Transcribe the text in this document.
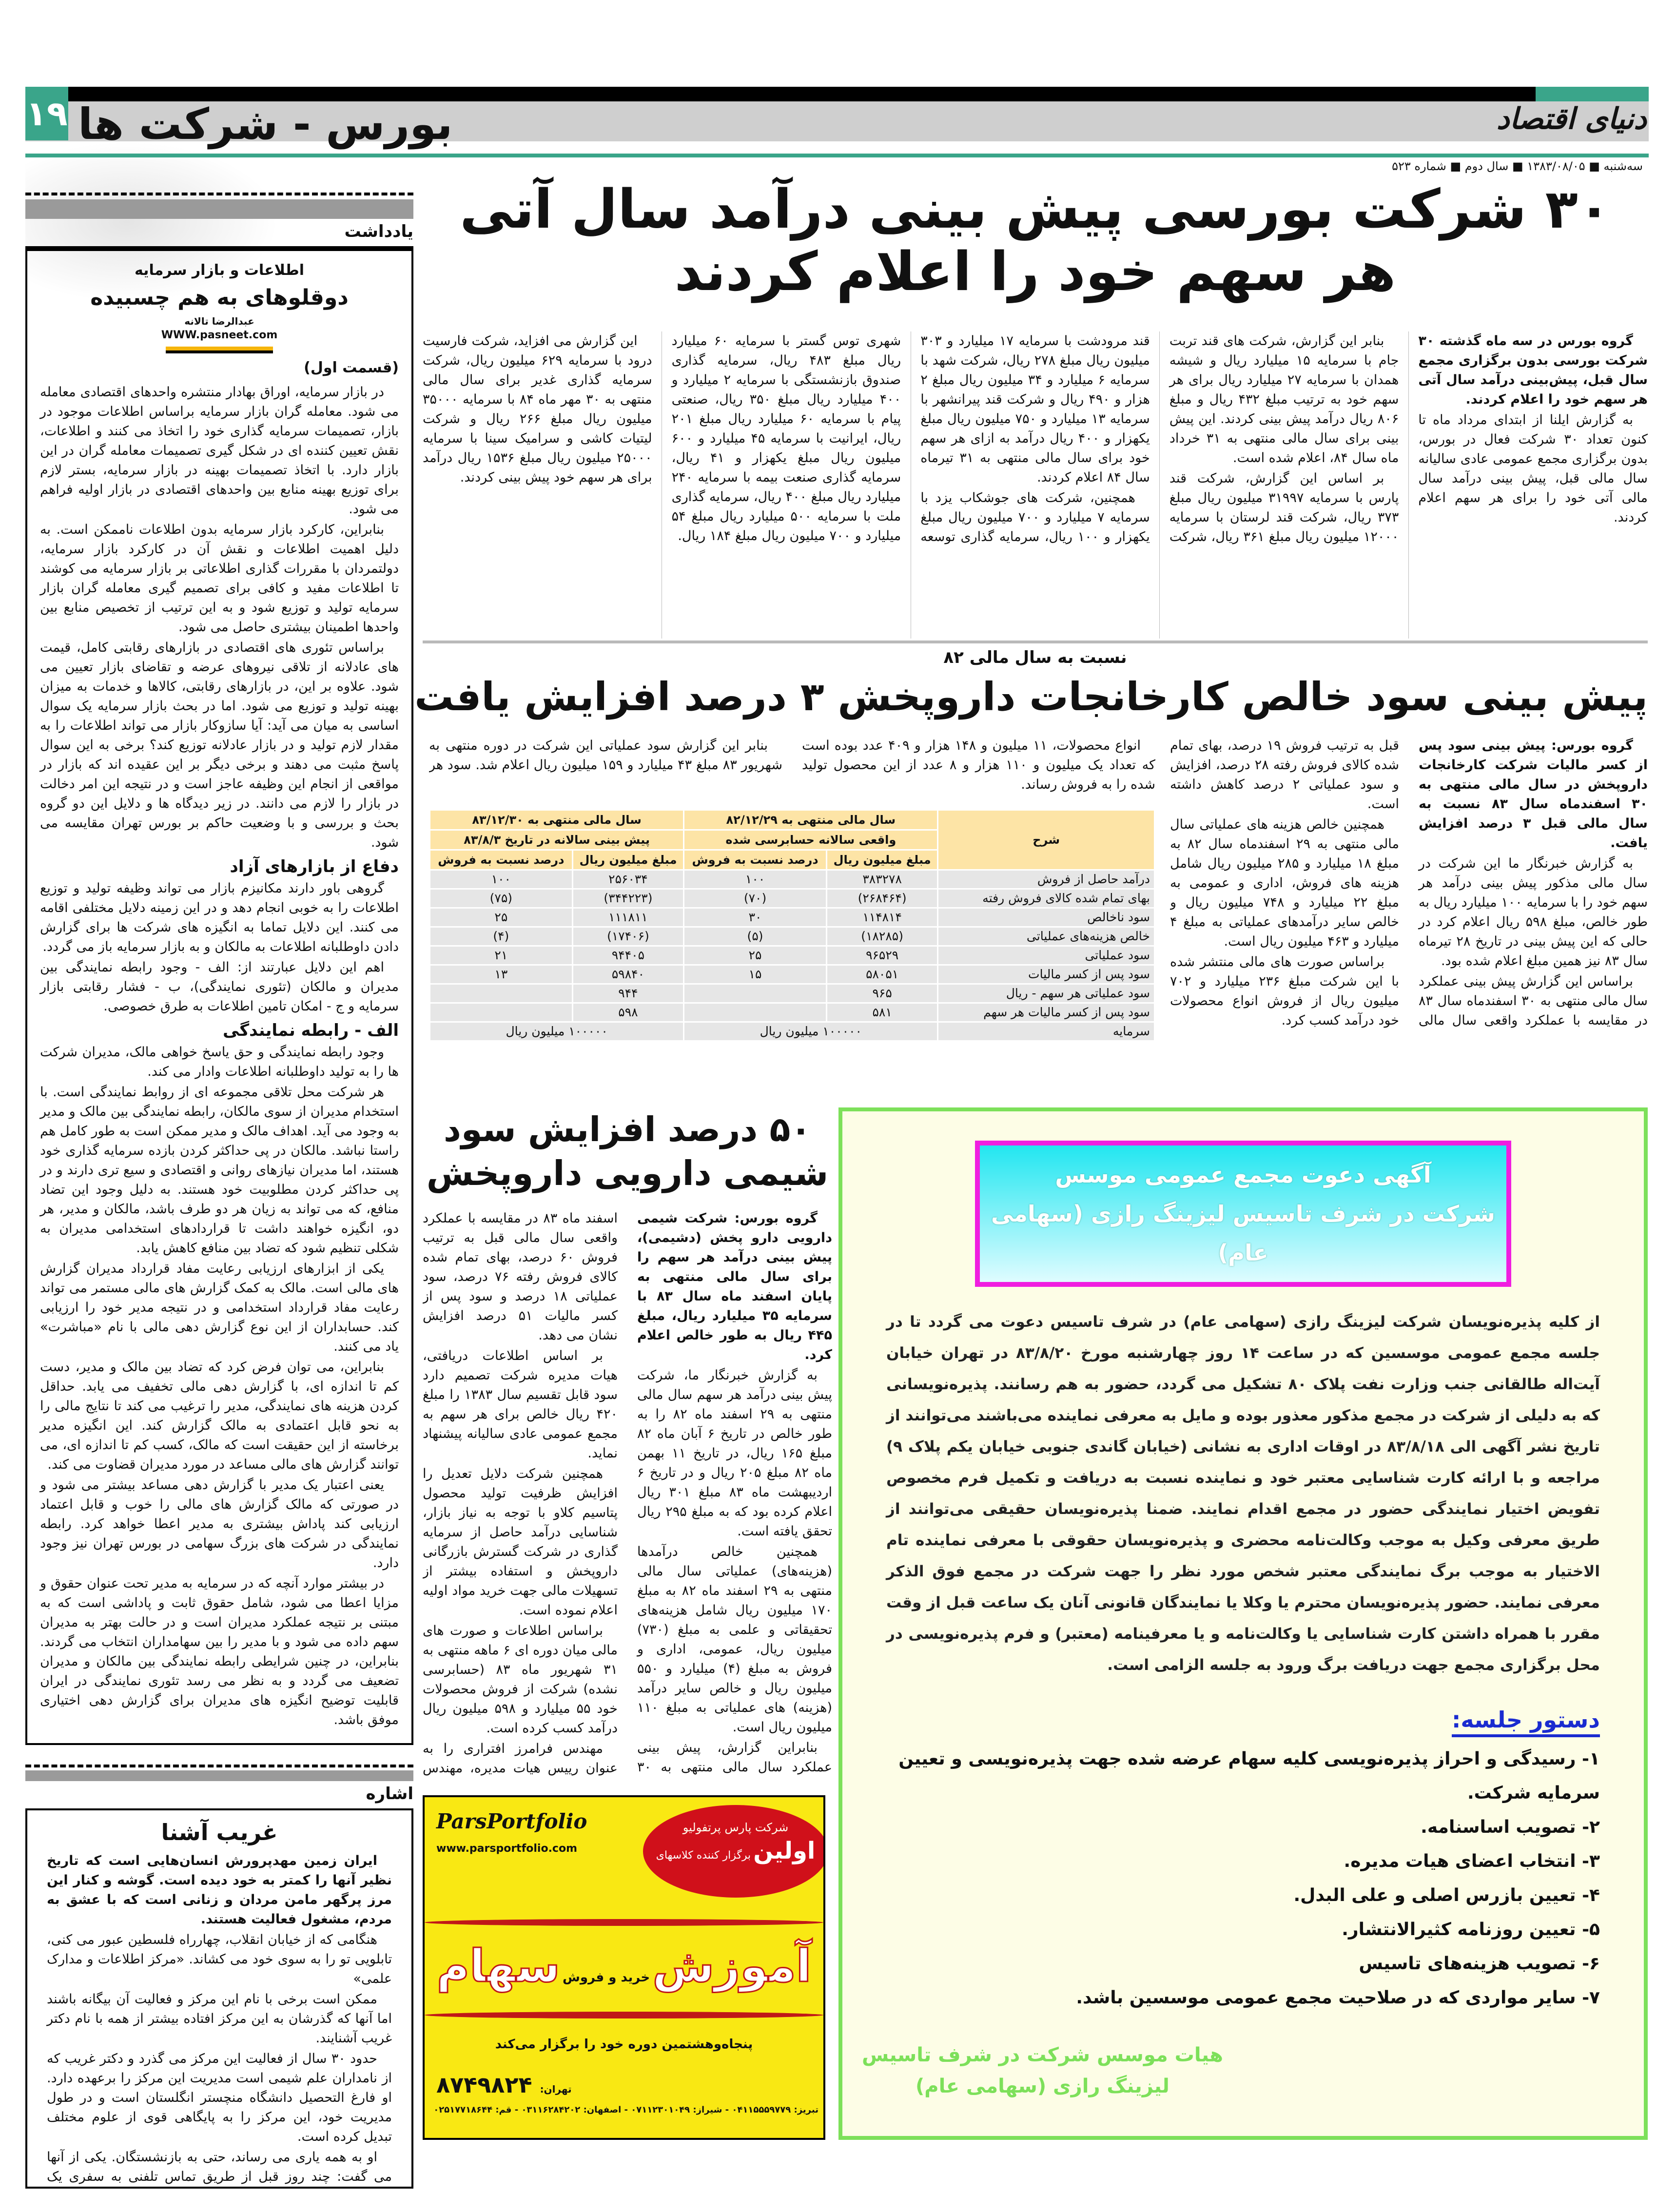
۱۹	دنیای اقتصاد
بورس - شرکت ها
سه‌شنبه ■ ۱۳۸۳/۰۸/۰۵ ■ سال دوم ■ شماره ۵۲۳
یادداشت
اطلاعات و بازار سرمایه
دوقلوهای به هم چسبیده
عبدالرضا تالانه
WWW.pasneet.com
(قسمت اول)

در بازار سرمایه، اوراق بهادار منتشره واحدهای اقتصادی معامله می شود. معامله گران بازار سرمایه براساس اطلاعات موجود در بازار، تصمیمات سرمایه گذاری خود را اتخاذ می کنند و اطلاعات، نقش تعیین کننده ای در شکل گیری تصمیمات معامله گران در این بازار دارد. با اتخاذ تصمیمات بهینه در بازار سرمایه، بستر لازم برای توزیع بهینه منابع بین واحدهای اقتصادی در بازار اولیه فراهم می شود.

بنابراین، کارکرد بازار سرمایه بدون اطلاعات ناممکن است. به دلیل اهمیت اطلاعات و نقش آن در کارکرد بازار سرمایه، دولتمردان با مقررات گذاری اطلاعاتی بر بازار سرمایه می کوشند تا اطلاعات مفید و کافی برای تصمیم گیری معامله گران بازار سرمایه تولید و توزیع شود و به این ترتیب از تخصیص منابع بین واحدها اطمینان بیشتری حاصل می شود.

براساس تئوری های اقتصادی در بازارهای رقابتی کامل، قیمت های عادلانه از تلاقی نیروهای عرضه و تقاضای بازار تعیین می شود. علاوه بر این، در بازارهای رقابتی، کالاها و خدمات به میزان بهینه تولید و توزیع می شود. اما در بحث بازار سرمایه یک سوال اساسی به میان می آید: آیا سازوکار بازار می تواند اطلاعات را به مقدار لازم تولید و در بازار عادلانه توزیع کند؟ برخی به این سوال پاسخ مثبت می دهند و برخی دیگر بر این عقیده اند که بازار در مواقعی از انجام این وظیفه عاجز است و در نتیجه این امر دخالت در بازار را لازم می دانند. در زیر دیدگاه ها و دلایل این دو گروه بحث و بررسی و با وضعیت حاکم بر بورس تهران مقایسه می شود.

دفاع از بازارهای آزاد

گروهی باور دارند مکانیزم بازار می تواند وظیفه تولید و توزیع اطلاعات را به خوبی انجام دهد و در این زمینه دلایل مختلفی اقامه می کنند. این دلایل تماما به انگیزه های شرکت ها برای گزارش دادن داوطلبانه اطلاعات به مالکان و به بازار سرمایه باز می گردد.

اهم این دلایل عبارتند از: الف - وجود رابطه نمایندگی بین مدیران و مالکان (تئوری نمایندگی)، ب - فشار رقابتی بازار سرمایه و ج - امکان تامین اطلاعات به طرق خصوصی.

الف - رابطه نمایندگی

وجود رابطه نمایندگی و حق یاسخ خواهی مالک، مدیران شرکت ها را به تولید داوطلبانه اطلاعات وادار می کند.

هر شرکت محل تلاقی مجموعه ای از روابط نمایندگی است. با استخدام مدیران از سوی مالکان، رابطه نمایندگی بین مالک و مدیر به وجود می آید. اهداف مالک و مدیر ممکن است به طور کامل هم راستا نباشد. مالکان در پی حداکثر کردن بازده سرمایه گذاری خود هستند، اما مدیران نیازهای روانی و اقتصادی و سیع تری دارند و در پی حداکثر کردن مطلوبیت خود هستند. به دلیل وجود این تضاد منافع، که می تواند به زیان هر دو طرف باشد، مالکان و مدیر، هر دو، انگیزه خواهند داشت تا قراردادهای استخدامی مدیران به شکلی تنظیم شود که تضاد بین منافع کاهش یابد.

یکی از ابزارهای ارزیابی رعایت مفاد قرارداد مدیران گزارش های مالی است. مالک به کمک گزارش های مالی مستمر می تواند رعایت مفاد قرارداد استخدامی و در نتیجه مدیر خود را ارزیابی کند. حسابداران از این نوع گزارش دهی مالی با نام «مباشرت» یاد می کنند.

بنابراین، می توان فرض کرد که تضاد بین مالک و مدیر، دست کم تا اندازه ای، با گزارش دهی مالی تخفیف می یابد. حداقل کردن هزینه های نمایندگی، مدیر را ترغیب می کند تا نتایج مالی را به نحو قابل اعتمادی به مالک گزارش کند. این انگیزه مدیر برخاسته از این حقیقت است که مالک، کسب کم تا اندازه ای، می توانند گزارش های مالی مساعد در مورد مدیران قضاوت می کند.

یعنی اعتبار یک مدیر با گزارش دهی مساعد بیشتر می شود و در صورتی که مالک گزارش های مالی را خوب و قابل اعتماد ارزیابی کند پاداش بیشتری به مدیر اعطا خواهد کرد. رابطه نمایندگی در شرکت های بزرگ سهامی در بورس تهران نیز وجود دارد.

در بیشتر موارد آنچه که در سرمایه به مدیر تحت عنوان حقوق و مزایا اعطا می شود، شامل حقوق ثابت و پاداشی است که به مبتنی بر نتیجه عملکرد مدیران است و در حالت بهتر به مدیران سهم داده می شود و با مدیر را بین سهامداران انتخاب می گردند. بنابراین، در چنین شرایطی رابطه نمایندگی بین مالکان و مدیران تضعیف می گردد و به نظر می رسد تئوری نمایندگی در ایران قابلیت توضیح انگیزه های مدیران برای گزارش دهی اختیاری موفق باشد.

اشاره
غریب آشنا

ایران زمین مهدپرورش انسان‌هایی است که تاریخ نظیر آنها را کمتر به خود دیده است. گوشه و کنار این مرز پرگهر مامن مردان و زنانی است که با عشق به مردم، مشغول فعالیت هستند.

هنگامی که از خیابان انقلاب، چهارراه فلسطین عبور می کنی، تابلویی تو را به سوی خود می کشاند. «مرکز اطلاعات و مدارک علمی»

ممکن است برخی با نام این مرکز و فعالیت آن بیگانه باشند اما آنها که گذرشان به این مرکز افتاده بیشتر از همه با نام دکتر غریب آشنایند.

حدود ۳۰ سال از فعالیت این مرکز می گذرد و دکتر غریب که از نامداران علم شیمی است مدیریت این مرکز را برعهده دارد. او فارغ التحصیل دانشگاه منچستر انگلستان است و در طول مدیریت خود، این مرکز را به پایگاهی قوی از علوم مختلف تبدیل کرده است.

او به همه یاری می رساند، حتی به بازنشستگان. یکی از آنها می گفت: چند روز قبل از طریق تماس تلفنی به سفری یک

۳۰ شرکت بورسی پیش بینی درآمد سال آتی
هر سهم خود را اعلام کردند

گروه بورس در سه ماه گذشته ۳۰ شرکت بورسی بدون برگزاری مجمع سال قبل، پیش‌بینی درآمد سال آتی هر سهم خود را اعلام کردند.

به گزارش ایلنا از ابتدای مرداد ماه تا کنون تعداد ۳۰ شرکت فعال در بورس، بدون برگزاری مجمع عمومی عادی سالیانه سال مالی قبل، پیش بینی درآمد سال مالی آتی خود را برای هر سهم اعلام کردند.

بنابر این گزارش، شرکت های قند تربت جام با سرمایه ۱۵ میلیارد ریال و شیشه همدان با سرمایه ۲۷ میلیارد ریال برای هر سهم خود به ترتیب مبلغ ۴۳۲ ریال و مبلغ ۸۰۶ ریال درآمد پیش بینی کردند. این پیش بینی برای سال مالی منتهی به ۳۱ خرداد ماه سال ۸۴، اعلام شده است.

بر اساس این گزارش، شرکت قند پارس با سرمایه ۳۱۹۹۷ میلیون ریال مبلغ ۳۷۳ ریال، شرکت قند لرستان با سرمایه ۱۲۰۰۰ میلیون ریال مبلغ ۳۶۱ ریال، شرکت قند مرودشت با سرمایه ۱۷ میلیارد و ۳۰۳ میلیون ریال مبلغ ۲۷۸ ریال، شرکت شهد با سرمایه ۶ میلیارد و ۳۴ میلیون ریال مبلغ ۲ هزار و ۴۹۰ ریال و شرکت قند پیرانشهر با سرمایه ۱۳ میلیارد و ۷۵۰ میلیون ریال مبلغ یکهزار و ۴۰۰ ریال درآمد به ازای هر سهم خود برای سال مالی منتهی به ۳۱ تیرماه سال ۸۴ اعلام کردند.

همچنین، شرکت های جوشکاب یزد با سرمایه ۷ میلیارد و ۷۰۰ میلیون ریال مبلغ یکهزار و ۱۰۰ ریال، سرمایه گذاری توسعه شهری توس گستر با سرمایه ۶۰ میلیارد ریال مبلغ ۴۸۳ ریال، سرمایه گذاری صندوق بازنشستگی با سرمایه ۲ میلیارد و ۴۰۰ میلیارد ریال مبلغ ۳۵۰ ریال، صنعتی پیام با سرمایه ۶۰ میلیارد ریال مبلغ ۲۰۱ ریال، ایرانیت با سرمایه ۴۵ میلیارد و ۶۰۰ میلیون ریال مبلغ یکهزار و ۴۱ ریال، سرمایه گذاری صنعت بیمه با سرمایه ۲۴۰ میلیارد ریال مبلغ ۴۰۰ ریال، سرمایه گذاری ملت با سرمایه ۵۰۰ میلیارد ریال مبلغ ۵۴ میلیارد و ۷۰۰ میلیون ریال مبلغ ۱۸۴ ریال.

این گزارش می افزاید، شرکت فارسیت درود با سرمایه ۶۲۹ میلیون ریال، شرکت سرمایه گذاری غدیر برای سال مالی منتهی به ۳۰ مهر ماه ۸۴ با سرمایه ۳۵۰۰۰ میلیون ریال مبلغ ۲۶۶ ریال و شرکت لیتیات کاشی و سرامیک سینا با سرمایه ۲۵۰۰۰ میلیون ریال مبلغ ۱۵۳۶ ریال درآمد برای هر سهم خود پیش بینی کردند.

نسبت به سال مالی ۸۲
پیش بینی سود خالص کارخانجات داروپخش ۳ درصد افزایش یافت

گروه بورس: پیش بینی سود پس از کسر مالیات شرکت کارخانجات داروپخش در سال مالی منتهی به ۳۰ اسفندماه سال ۸۳ نسبت به سال مالی قبل ۳ درصد افزایش یافت.

به گزارش خبرنگار ما این شرکت در سال مالی مذکور پیش بینی درآمد هر سهم خود را با سرمایه ۱۰۰ میلیارد ریال به طور خالص، مبلغ ۵۹۸ ریال اعلام کرد در حالی که این پیش بینی در تاریخ ۲۸ تیرماه سال ۸۳ نیز همین مبلغ اعلام شده بود.

براساس این گزارش پیش بینی عملکرد سال مالی منتهی به ۳۰ اسفندماه سال ۸۳ در مقایسه با عملکرد واقعی سال مالی قبل به ترتیب فروش ۱۹ درصد، بهای تمام شده کالای فروش رفته ۲۸ درصد، افزایش و سود عملیاتی ۲ درصد کاهش داشته است.

همچنین خالص هزینه های عملیاتی سال مالی منتهی به ۲۹ اسفندماه سال ۸۲ به مبلغ ۱۸ میلیارد و ۲۸۵ میلیون ریال شامل هزینه های فروش، اداری و عمومی به مبلغ ۲۲ میلیارد و ۷۴۸ میلیون ریال و خالص سایر درآمدهای عملیاتی به مبلغ ۴ میلیارد و ۴۶۳ میلیون ریال است.

براساس صورت های مالی منتشر شده با این شرکت مبلغ ۲۳۶ میلیارد و ۷۰۲ میلیون ریال از فروش انواع محصولات خود درآمد کسب کرد.

انواع محصولات، ۱۱ میلیون و ۱۴۸ هزار و ۴۰۹ عدد بوده است که تعداد یک میلیون و ۱۱۰ هزار و ۸ عدد از این محصول تولید شده را به فروش رساند.

بنابر این گزارش سود عملیاتی این شرکت در دوره منتهی به شهریور ۸۳ مبلغ ۴۳ میلیارد و ۱۵۹ میلیون ریال اعلام شد. سود هر

شرح	سال مالی منتهی به ۸۲/۱۲/۲۹		سال مالی منتهی به ۸۳/۱۲/۳۰	
	واقعی سالانه حسابرسی شده		پیش بینی سالانه در تاریخ ۸۳/۸/۳	
	مبلغ میلیون ریال	درصد نسبت به فروش	مبلغ میلیون ریال	درصد نسبت به فروش
درآمد حاصل از فروش	۳۸۳۲۷۸	۱۰۰	۲۵۶۰۳۴	۱۰۰
بهای تمام شده کالای فروش رفته	(۲۶۸۴۶۴)	(۷۰)	(۳۴۴۲۲۳)	(۷۵)
سود ناخالص	۱۱۴۸۱۴	۳۰	۱۱۱۸۱۱	۲۵
خالص هزینه‌های عملیاتی	(۱۸۲۸۵)	(۵)	(۱۷۴۰۶)	(۴)
سود عملیاتی	۹۶۵۲۹	۲۵	۹۴۴۰۵	۲۱
سود پس از کسر مالیات	۵۸۰۵۱	۱۵	۵۹۸۴۰	۱۳
سود عملیاتی هر سهم - ریال	۹۶۵		۹۴۴	
سود پس از کسر مالیات هر سهم	۵۸۱		۵۹۸	
سرمایه	۱۰۰۰۰۰ میلیون ریال		۱۰۰۰۰۰ میلیون ریال	
۵۰ درصد افزایش سود
شیمی دارویی داروپخش

گروه بورس: شرکت شیمی دارویی دارو پخش (دشیمی)، پیش بینی درآمد هر سهم را برای سال مالی منتهی به پایان اسفند ماه سال ۸۳ با سرمایه ۳۵ میلیارد ریال، مبلغ ۴۴۵ ریال به طور خالص اعلام کرد.

به گزارش خبرنگار ما، شرکت پیش بینی درآمد هر سهم سال مالی منتهی به ۲۹ اسفند ماه ۸۲ را به طور خالص در تاریخ ۶ آبان ماه ۸۲ مبلغ ۱۶۵ ریال، در تاریخ ۱۱ بهمن ماه ۸۲ مبلغ ۲۰۵ ریال و در تاریخ ۶ اردیبهشت ماه ۸۳ مبلغ ۳۰۱ ریال اعلام کرده بود که به مبلغ ۲۹۵ ریال تحقق یافته است.

همچنین خالص درآمدها (هزینه‌های) عملیاتی سال مالی منتهی به ۲۹ اسفند ماه ۸۲ به مبلغ ۱۷۰ میلیون ریال شامل هزینه‌های تحقیقاتی و علمی به مبلغ (۷۳۰) میلیون ریال، عمومی، اداری و فروش به مبلغ (۴) میلیارد و ۵۵۰ میلیون ریال و خالص سایر درآمد (هزینه) های عملیاتی به مبلغ ۱۱۰ میلیون ریال است.

بنابراین گزارش، پیش بینی عملکرد سال مالی منتهی به ۳۰ اسفند ماه ۸۳ در مقایسه با عملکرد واقعی سال مالی قبل به ترتیب فروش ۶۰ درصد، بهای تمام شده کالای فروش رفته ۷۶ درصد، سود عملیاتی ۱۸ درصد و سود پس از کسر مالیات ۵۱ درصد افزایش نشان می دهد.

بر اساس اطلاعات دریافتی، هیات مدیره شرکت تصمیم دارد سود قابل تقسیم سال ۱۳۸۳ را مبلغ ۴۲۰ ریال خالص برای هر سهم به مجمع عمومی عادی سالیانه پیشنهاد نماید.

همچنین شرکت دلایل تعدیل را افزایش ظرفیت تولید محصول پتاسیم کلاو با توجه به نیاز بازار، شناسایی درآمد حاصل از سرمایه گذاری در شرکت گسترش بازرگانی داروپخش و استفاده بیشتر از تسهیلات مالی جهت خرید مواد اولیه اعلام نموده است.

براساس اطلاعات و صورت های مالی میان دوره ای ۶ ماهه منتهی به ۳۱ شهریور ماه ۸۳ (حسابرسی نشده) شرکت از فروش محصولات خود ۵۵ میلیارد و ۵۹۸ میلیون ریال درآمد کسب کرده است.

مهندس فرامرز افتراری را به عنوان رییس هیات مدیره، مهندس

ParsPortfolio
www.parsportfolio.com
شرکت پارس پرتفولیو
اولین برگزار کننده کلاسهای
آموزش خرید و فروش سهام
پنجاه‌وهشتمین دوره خود را برگزار می‌کند
تهران: ۸۷۴۹۸۲۴
تبریز: ۰۴۱۱۵۵۵۹۷۷۹ - شیراز: ۰۷۱۱۲۳۰۱۰۴۹ - اصفهان: ۰۳۱۱۶۲۸۴۲۰۲ - قم: ۰۲۵۱۷۷۱۸۶۴۴
آگهی دعوت مجمع عمومی موسس
شرکت در شرف تاسیس لیزینگ رازی (سهامی عام)
از کلیه پذیره‌نویسان شرکت لیزینگ رازی (سهامی عام) در شرف تاسیس دعوت می گردد تا در جلسه مجمع عمومی موسسین که در ساعت ۱۴ روز چهارشنبه مورخ ۸۳/۸/۲۰ در تهران خیابان آیت‌اله طالقانی جنب وزارت نفت پلاک ۸۰ تشکیل می گردد، حضور به هم رسانند. پذیره‌نویسانی که به دلیلی از شرکت در مجمع مذکور معذور بوده و مایل به معرفی نماینده می‌باشند می‌توانند از تاریخ نشر آگهی الی ۸۳/۸/۱۸ در اوقات اداری به نشانی (خیابان گاندی جنوبی خیابان یکم پلاک ۹) مراجعه و با ارائه کارت شناسایی معتبر خود و نماینده نسبت به دریافت و تکمیل فرم مخصوص تفویض اختیار نمایندگی حضور در مجمع اقدام نمایند. ضمنا پذیره‌نویسان حقیقی می‌توانند از طریق معرفی وکیل به موجب وکالت‌نامه محضری و پذیره‌نویسان حقوقی با معرفی نماینده تام الاختیار به موجب برگ نمایندگی معتبر شخص مورد نظر را جهت شرکت در مجمع فوق الذکر معرفی نمایند. حضور پذیره‌نویسان محترم یا وکلا یا نمایندگان قانونی آنان یک ساعت قبل از وقت مقرر با همراه داشتن کارت شناسایی یا وکالت‌نامه و یا معرفینامه (معتبر) و فرم پذیره‌نویسی در محل برگزاری مجمع جهت دریافت برگ ورود به جلسه الزامی است.
دستور جلسه:
۱- رسیدگی و احراز پذیره‌نویسی کلیه سهام عرضه شده جهت پذیره‌نویسی و تعیین سرمایه شرکت.
۲- تصویب اساسنامه.
۳- انتخاب اعضای هیات مدیره.
۴- تعیین بازرس اصلی و علی البدل.
۵- تعیین روزنامه کثیرالانتشار.
۶- تصویب هزینه‌های تاسیس
۷- سایر مواردی که در صلاحیت مجمع عمومی موسسین باشد.
هیات موسس شرکت در شرف تاسیس
لیزینگ رازی (سهامی عام)
